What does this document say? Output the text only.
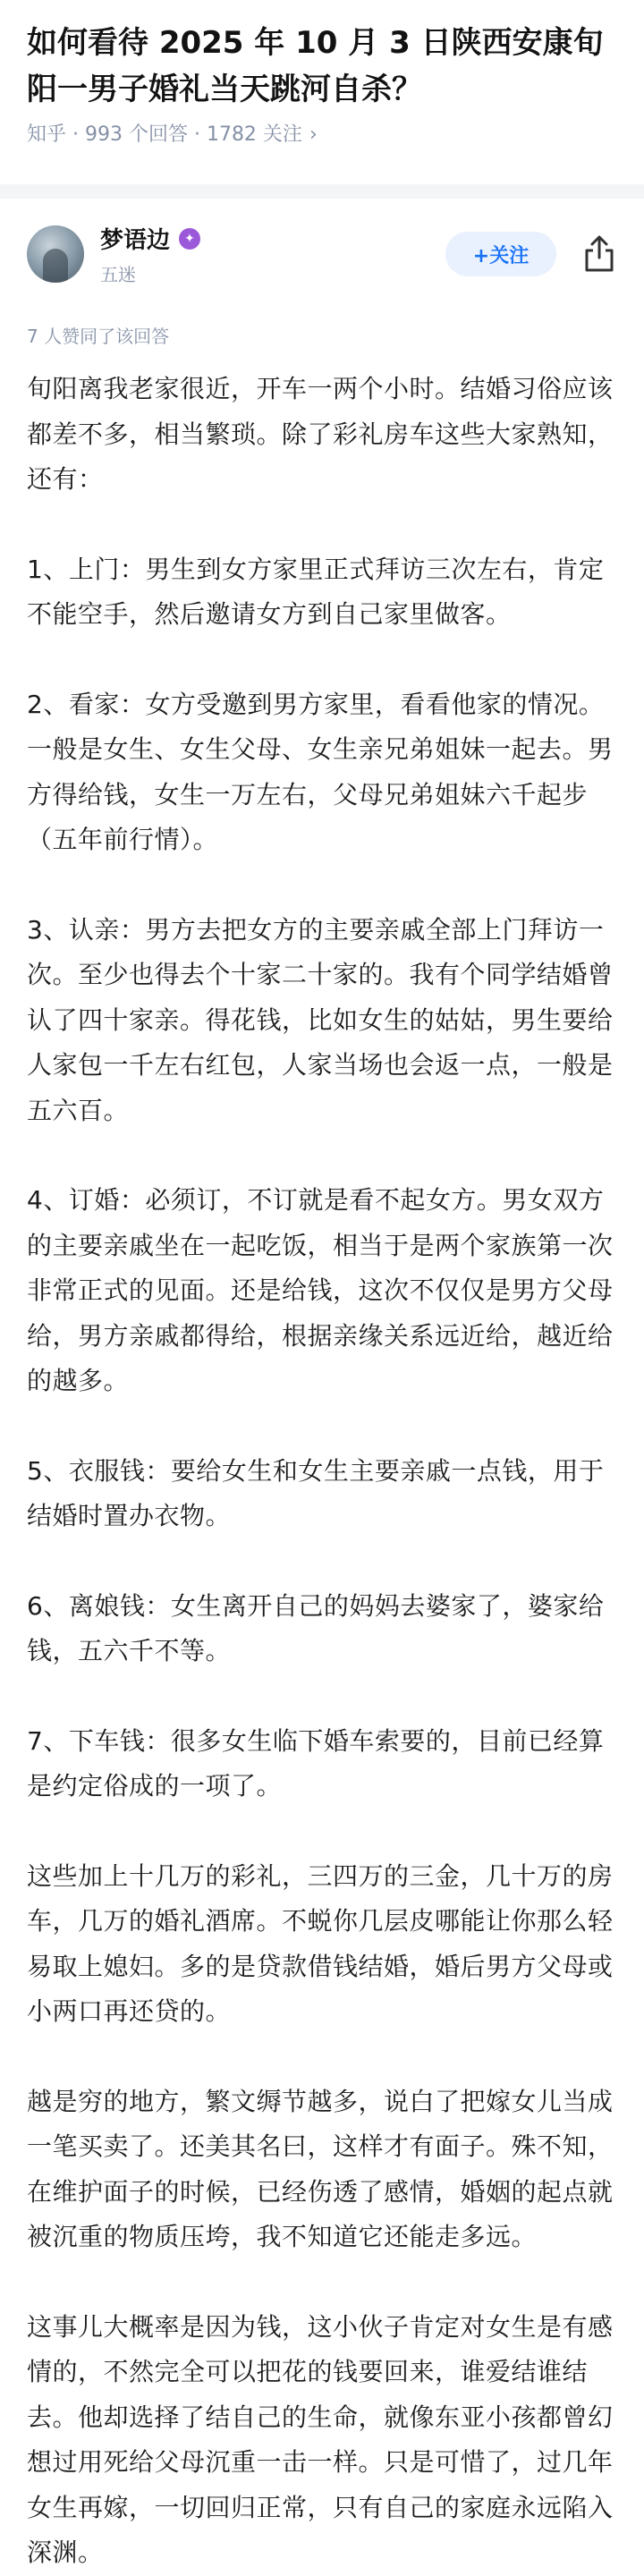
如何看待 2025 年 10 月 3 日陕西安康旬阳一男子婚礼当天跳河自杀？
知乎 · 993 个回答 · 1782 关注 ›
梦语边	✦
五迷
+关注
7 人赞同了该回答

旬阳离我老家很近，开车一两个小时。结婚习俗应该都差不多，相当繁琐。除了彩礼房车这些大家熟知，还有：

1、上门：男生到女方家里正式拜访三次左右，肯定不能空手，然后邀请女方到自己家里做客。

2、看家：女方受邀到男方家里，看看他家的情况。一般是女生、女生父母、女生亲兄弟姐妹一起去。男方得给钱，女生一万左右，父母兄弟姐妹六千起步（五年前行情）。

3、认亲：男方去把女方的主要亲戚全部上门拜访一次。至少也得去个十家二十家的。我有个同学结婚曾认了四十家亲。得花钱，比如女生的姑姑，男生要给人家包一千左右红包，人家当场也会返一点，一般是五六百。

4、订婚：必须订，不订就是看不起女方。男女双方的主要亲戚坐在一起吃饭，相当于是两个家族第一次非常正式的见面。还是给钱，这次不仅仅是男方父母给，男方亲戚都得给，根据亲缘关系远近给，越近给的越多。

5、衣服钱：要给女生和女生主要亲戚一点钱，用于结婚时置办衣物。

6、离娘钱：女生离开自己的妈妈去婆家了，婆家给钱，五六千不等。

7、下车钱：很多女生临下婚车索要的，目前已经算是约定俗成的一项了。

这些加上十几万的彩礼，三四万的三金，几十万的房车，几万的婚礼酒席。不蜕你几层皮哪能让你那么轻易取上媳妇。多的是贷款借钱结婚，婚后男方父母或小两口再还贷的。

越是穷的地方，繁文缛节越多，说白了把嫁女儿当成一笔买卖了。还美其名曰，这样才有面子。殊不知，在维护面子的时候，已经伤透了感情，婚姻的起点就被沉重的物质压垮，我不知道它还能走多远。

这事儿大概率是因为钱，这小伙子肯定对女生是有感情的，不然完全可以把花的钱要回来，谁爱结谁结去。他却选择了结自己的生命，就像东亚小孩都曾幻想过用死给父母沉重一击一样。只是可惜了，过几年女生再嫁，一切回归正常，只有自己的家庭永远陷入深渊。
